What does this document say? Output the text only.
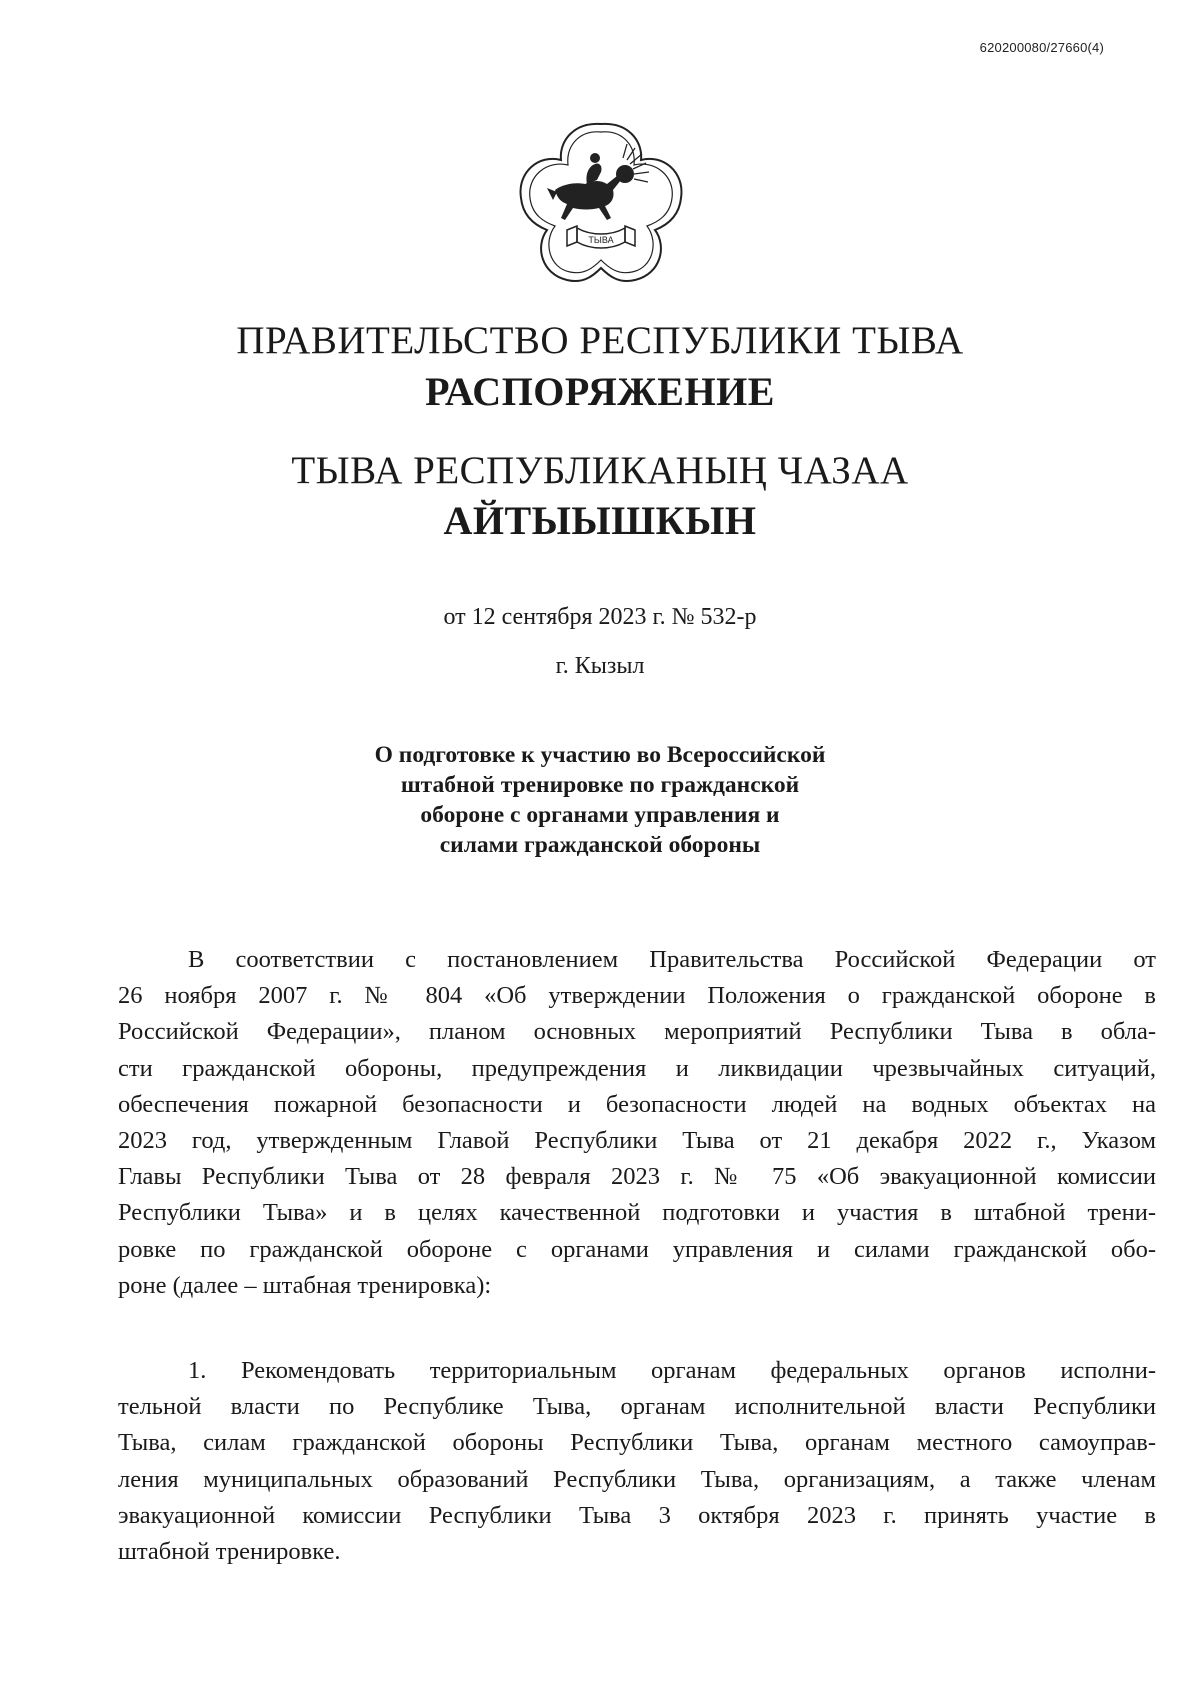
620200080/27660(4)
ТЫВА
ПРАВИТЕЛЬСТВО РЕСПУБЛИКИ ТЫВА
РАСПОРЯЖЕНИЕ
ТЫВА РЕСПУБЛИКАНЫҢ ЧАЗАА
АЙТЫЫШКЫН
от 12 сентября 2023 г. № 532-р
г. Кызыл
О подготовке к участию во Всероссийской
штабной тренировке по гражданской
обороне с органами управления и
силами гражданской обороны
В соответствии с постановлением Правительства Российской Федерации от
26 ноября 2007 г. № 804 «Об утверждении Положения о гражданской обороне в
Российской Федерации», планом основных мероприятий Республики Тыва в обла-
сти гражданской обороны, предупреждения и ликвидации чрезвычайных ситуаций,
обеспечения пожарной безопасности и безопасности людей на водных объектах на
2023 год, утвержденным Главой Республики Тыва от 21 декабря 2022 г., Указом
Главы Республики Тыва от 28 февраля 2023 г. № 75 «Об эвакуационной комиссии
Республики Тыва» и в целях качественной подготовки и участия в штабной трени-
ровке по гражданской обороне с органами управления и силами гражданской обо-
роне (далее – штабная тренировка):
1. Рекомендовать территориальным органам федеральных органов исполни-
тельной власти по Республике Тыва, органам исполнительной власти Республики
Тыва, силам гражданской обороны Республики Тыва, органам местного самоуправ-
ления муниципальных образований Республики Тыва, организациям, а также членам
эвакуационной комиссии Республики Тыва 3 октября 2023 г. принять участие в
штабной тренировке.
